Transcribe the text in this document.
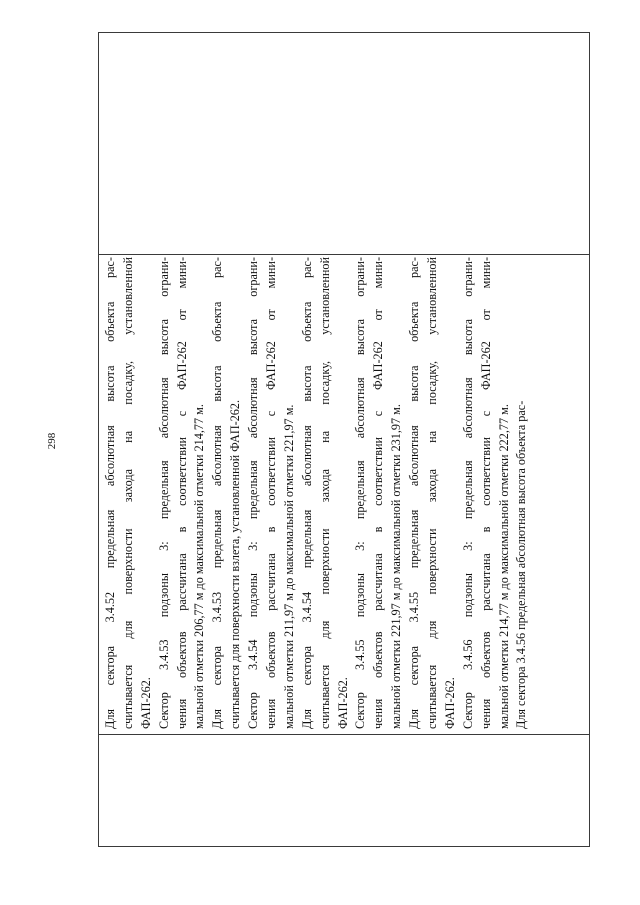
298	Для сектора 3.4.52 предельная абсолютная высота объекта рас- считывается для поверхности захода на посадку, установленной ФАП-262. Сектор 3.4.53 подзоны 3: предельная абсолютная высота ограни- чения объектов рассчитана в соответствии с ФАП-262 от мини- мальной отметки 206,77 м до максимальной отметки 214,77 м. Для сектора 3.4.53 предельная абсолютная высота объекта рас- считывается для поверхности взлета, установленной ФАП-262. Сектор 3.4.54 подзоны 3: предельная абсолютная высота ограни- чения объектов рассчитана в соответствии с ФАП-262 от мини- мальной отметки 211,97 м до максимальной отметки 221,97 м. Для сектора 3.4.54 предельная абсолютная высота объекта рас- считывается для поверхности захода на посадку, установленной ФАП-262. Сектор 3.4.55 подзоны 3: предельная абсолютная высота ограни- чения объектов рассчитана в соответствии с ФАП-262 от мини- мальной отметки 221,97 м до максимальной отметки 231,97 м. Для сектора 3.4.55 предельная абсолютная высота объекта рас- считывается для поверхности захода на посадку, установленной ФАП-262. Сектор 3.4.56 подзоны 3: предельная абсолютная высота ограни- чения объектов рассчитана в соответствии с ФАП-262 от мини- мальной отметки 214,77 м до максимальной отметки 222,77 м. Для сектора 3.4.56 предельная абсолютная высота объекта рас-
